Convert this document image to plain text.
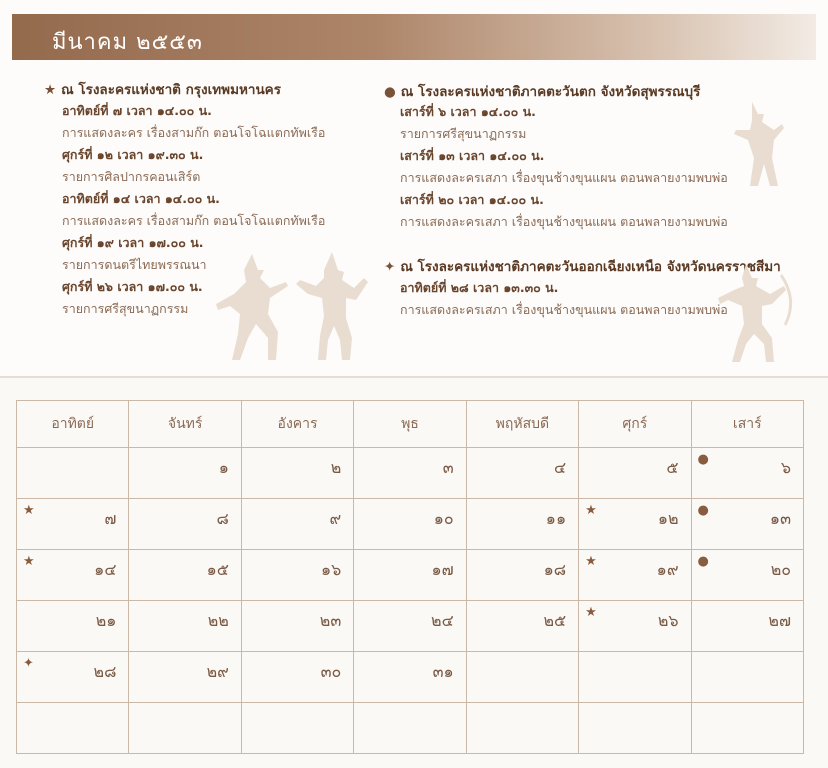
มีนาคม ๒๕๕๓
★ ณ โรงละครแห่งชาติ กรุงเทพมหานคร
อาทิตย์ที่ ๗ เวลา ๑๔.๐๐ น.
การแสดงละคร เรื่องสามก๊ก ตอนโจโฉแตกทัพเรือ
ศุกร์ที่ ๑๒ เวลา ๑๙.๓๐ น.
รายการศิลปากรคอนเสิร์ต
อาทิตย์ที่ ๑๔ เวลา ๑๔.๐๐ น.
การแสดงละคร เรื่องสามก๊ก ตอนโจโฉแตกทัพเรือ
ศุกร์ที่ ๑๙ เวลา ๑๗.๐๐ น.
รายการดนตรีไทยพรรณนา
ศุกร์ที่ ๒๖ เวลา ๑๗.๐๐ น.
รายการศรีสุขนาฏกรรม
● ณ โรงละครแห่งชาติภาคตะวันตก จังหวัดสุพรรณบุรี
เสาร์ที่ ๖ เวลา ๑๔.๐๐ น.
รายการศรีสุขนาฏกรรม
เสาร์ที่ ๑๓ เวลา ๑๔.๐๐ น.
การแสดงละครเสภา เรื่องขุนช้างขุนแผน ตอนพลายงามพบพ่อ
เสาร์ที่ ๒๐ เวลา ๑๔.๐๐ น.
การแสดงละครเสภา เรื่องขุนช้างขุนแผน ตอนพลายงามพบพ่อ
✦ ณ โรงละครแห่งชาติภาคตะวันออกเฉียงเหนือ จังหวัดนครราชสีมา
อาทิตย์ที่ ๒๘ เวลา ๑๓.๓๐ น.
การแสดงละครเสภา เรื่องขุนช้างขุนแผน ตอนพลายงามพบพ่อ
อาทิตย์	จันทร์	อังคาร	พุธ	พฤหัสบดี	ศุกร์	เสาร์

	๑	๒	๓	๔	๕	● ๖

★ ๗	๘	๙	๑๐	๑๑	★ ๑๒	● ๑๓

★ ๑๔	๑๕	๑๖	๑๗	๑๘	★ ๑๙	● ๒๐

๒๑	๒๒	๒๓	๒๔	๒๕	★ ๒๖	๒๗

✦ ๒๘	๒๙	๓๐	๓๑			
